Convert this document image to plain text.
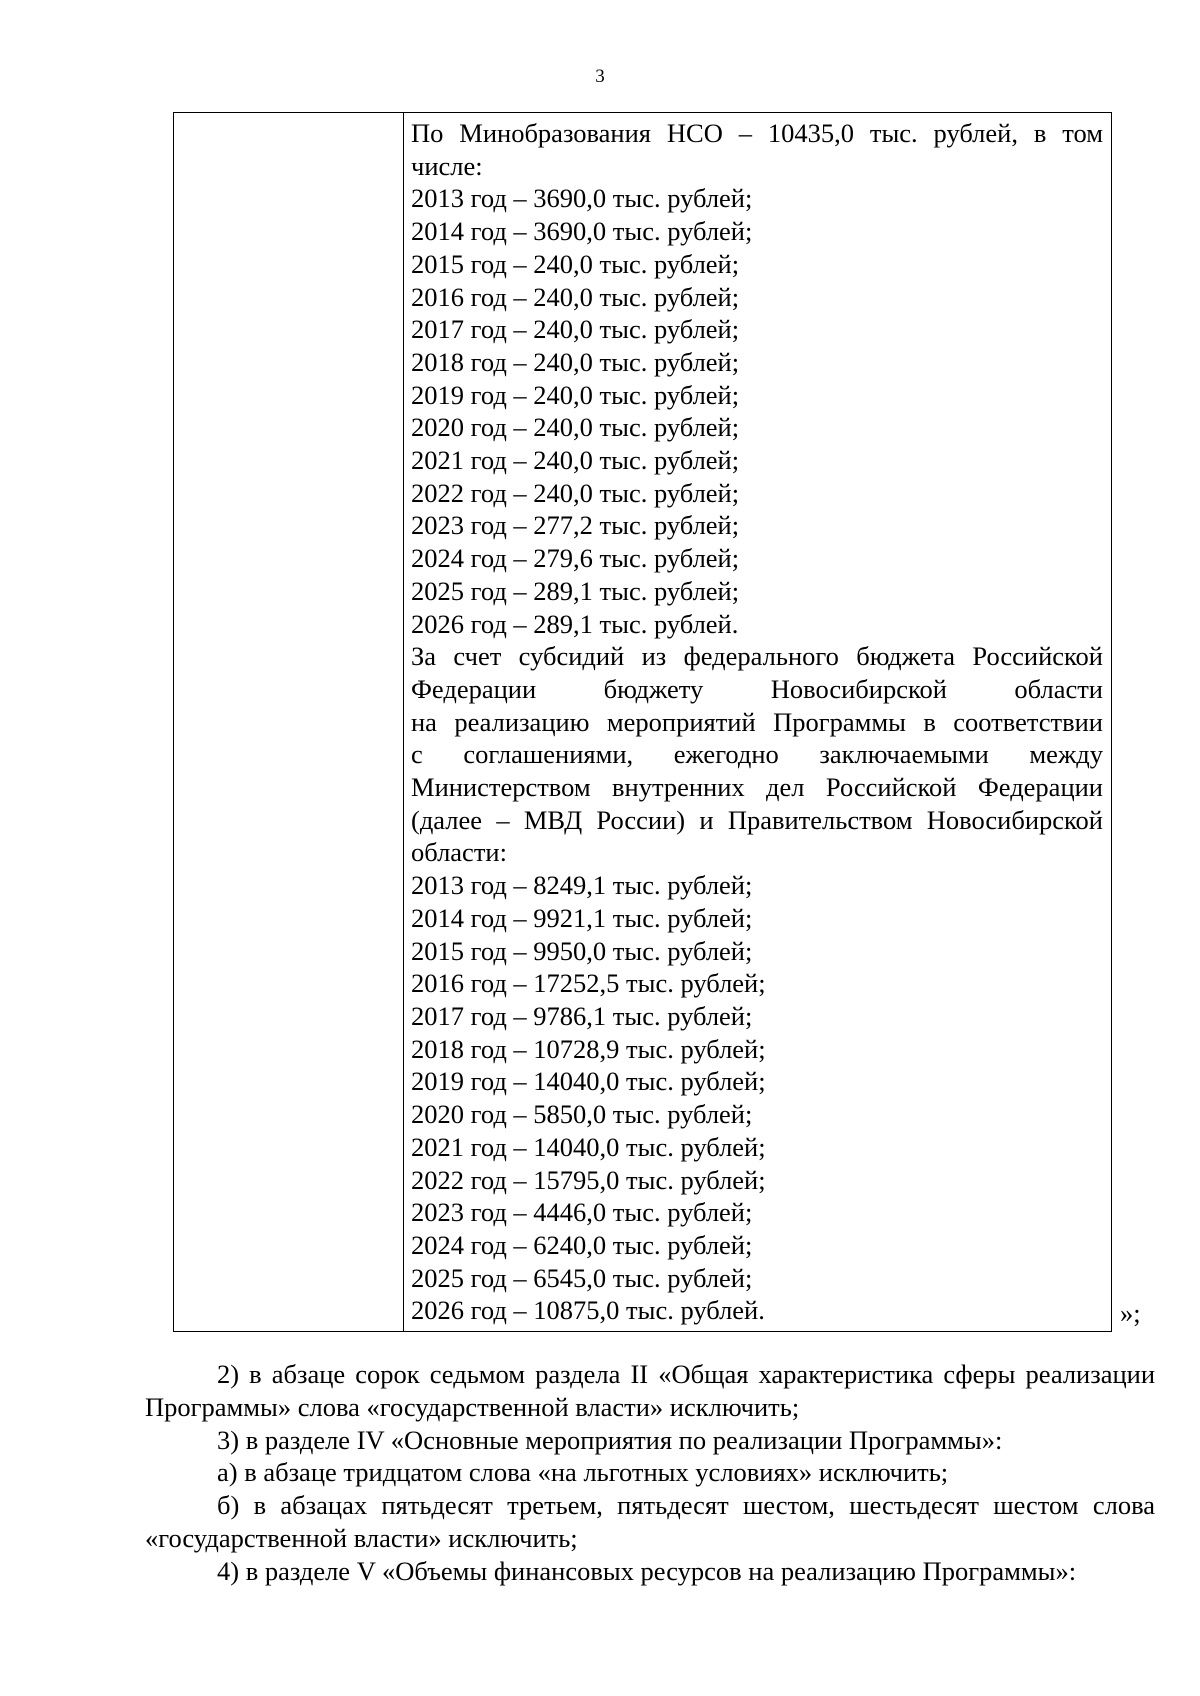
3
По Минобразования НСО – 10435,0 тыс. рублей, в том
числе:
2013 год – 3690,0 тыс. рублей;
2014 год – 3690,0 тыс. рублей;
2015 год – 240,0 тыс. рублей;
2016 год – 240,0 тыс. рублей;
2017 год – 240,0 тыс. рублей;
2018 год – 240,0 тыс. рублей;
2019 год – 240,0 тыс. рублей;
2020 год – 240,0 тыс. рублей;
2021 год – 240,0 тыс. рублей;
2022 год – 240,0 тыс. рублей;
2023 год – 277,2 тыс. рублей;
2024 год – 279,6 тыс. рублей;
2025 год – 289,1 тыс. рублей;
2026 год – 289,1 тыс. рублей.
За счет субсидий из федерального бюджета Российской
Федерации бюджету Новосибирской области
на реализацию мероприятий Программы в соответствии
с соглашениями, ежегодно заключаемыми между
Министерством внутренних дел Российской Федерации
(далее – МВД России) и Правительством Новосибирской
области:
2013 год – 8249,1 тыс. рублей;
2014 год – 9921,1 тыс. рублей;
2015 год – 9950,0 тыс. рублей;
2016 год – 17252,5 тыс. рублей;
2017 год – 9786,1 тыс. рублей;
2018 год – 10728,9 тыс. рублей;
2019 год – 14040,0 тыс. рублей;
2020 год – 5850,0 тыс. рублей;
2021 год – 14040,0 тыс. рублей;
2022 год – 15795,0 тыс. рублей;
2023 год – 4446,0 тыс. рублей;
2024 год – 6240,0 тыс. рублей;
2025 год – 6545,0 тыс. рублей;
2026 год – 10875,0 тыс. рублей.	»;
2) в абзаце сорок седьмом раздела II «Общая характеристика сферы реализации
Программы» слова «государственной власти» исключить;
3) в разделе IV «Основные мероприятия по реализации Программы»:
а) в абзаце тридцатом слова «на льготных условиях» исключить;
б) в абзацах пятьдесят третьем, пятьдесят шестом, шестьдесят шестом слова
«государственной власти» исключить;
4) в разделе V «Объемы финансовых ресурсов на реализацию Программы»:
